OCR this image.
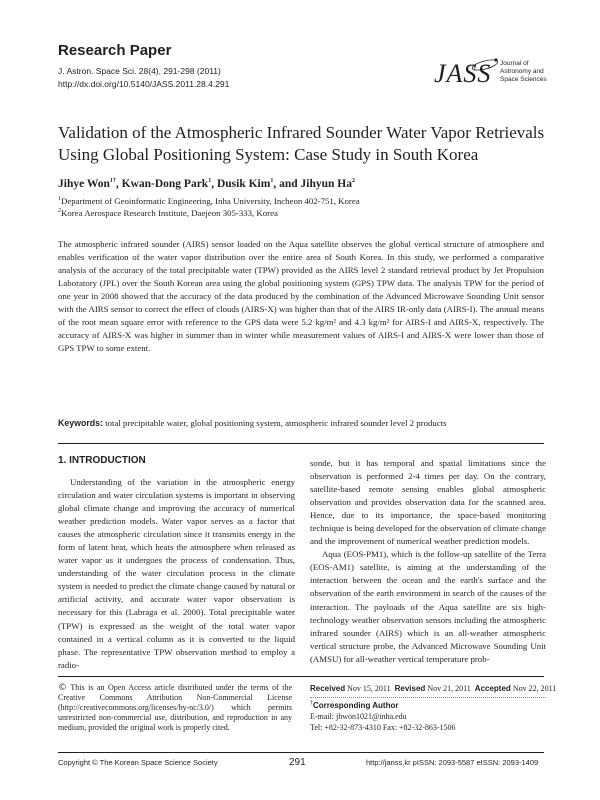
Research Paper
J. Astron. Space Sci. 28(4), 291-298 (2011)
http://dx.doi.org/10.5140/JASS.2011.28.4.291	JASS Journal of
Astronomy and
Space Sciences
Validation of the Atmospheric Infrared Sounder Water Vapor Retrievals
Using Global Positioning System: Case Study in South Korea
Jihye Won$^{1\dagger}$, Kwan-Dong Park$^1$, Dusik Kim$^1$, and Jihyun Ha$^2$
$^1$Department of Geoinformatic Engineering, Inha University, Incheon 402-751, Korea
$^2$Korea Aerospace Research Institute, Daejeon 305-333, Korea
The atmospheric infrared sounder (AIRS) sensor loaded on the Aqua satellite observes the global vertical structure of atmosphere and enables verification of the water vapor distribution over the entire area of South Korea. In this study, we performed a comparative analysis of the accuracy of the total precipitable water (TPW) provided as the AIRS level 2 standard retrieval product by Jet Propulsion Laboratory (JPL) over the South Korean area using the global positioning system (GPS) TPW data. The analysis TPW for the period of one year in 2008 showed that the accuracy of the data produced by the combination of the Advanced Microwave Sounding Unit sensor with the AIRS sensor to correct the effect of clouds (AIRS-X) was higher than that of the AIRS IR-only data (AIRS-I). The annual means of the root mean square error with reference to the GPS data were 5.2 kg/m² and 4.3 kg/m² for AIRS-I and AIRS-X, respectively. The accuracy of AIRS-X was higher in summer than in winter while measurement values of AIRS-I and AIRS-X were lower than those of GPS TPW to some extent.
Keywords: total precipitable water, global positioning system, atmospheric infrared sounder level 2 products
1. INTRODUCTION

Understanding of the variation in the atmospheric energy circulation and water circulation systems is important in observing global climate change and improving the accuracy of numerical weather prediction models. Water vapor serves as a factor that causes the atmospheric circulation since it transmits energy in the form of latent heat, which heats the atmosphere when released as water vapor as it undergoes the process of condensation. Thus, understanding of the water circulation process in the climate system is needed to predict the climate change caused by natural or artificial activity, and accurate water vapor observation is necessary for this (Labraga et al. 2000). Total precipitable water (TPW) is expressed as the weight of the total water vapor contained in a vertical column as it is converted to the liquid phase. The representative TPW observation method to employ a radio-

sonde, but it has temporal and spatial limitations since the observation is performed 2-4 times per day. On the contrary, satellite-based remote sensing enables global atmospheric observation and provides observation data for the scanned area. Hence, due to its importance, the space-based monitoring technique is being developed for the observation of climate change and the improvement of numerical weather prediction models.

Aqua (EOS-PM1), which is the follow-up satellite of the Terra (EOS-AM1) satellite, is aiming at the understanding of the interaction between the ocean and the earth's surface and the observation of the earth environment in search of the causes of the interaction. The payloads of the Aqua satellite are six high-technology weather observation sensors including the atmospheric infrared sounder (AIRS) which is an all-weather atmospheric vertical structure probe, the Advanced Microwave Sounding Unit (AMSU) for all-weather vertical temperature prob-

© This is an Open Access article distributed under the terms of the Creative Commons Attribution Non-Commercial License (http://creativecommons.org/licenses/by-nc/3.0/) which permits unrestricted non-commercial use, distribution, and reproduction in any medium, provided the original work is properly cited.
Received Nov 15, 2011 Revised Nov 21, 2011 Accepted Nov 22, 2011
†Corresponding Author
E-mail: jhwon1021@inha.edu
Tel: +82-32-873-4310 Fax: +82-32-863-1506
Copyright © The Korean Space Science Society	291	http://janss.kr pISSN: 2093-5587 eISSN: 2093-1409
